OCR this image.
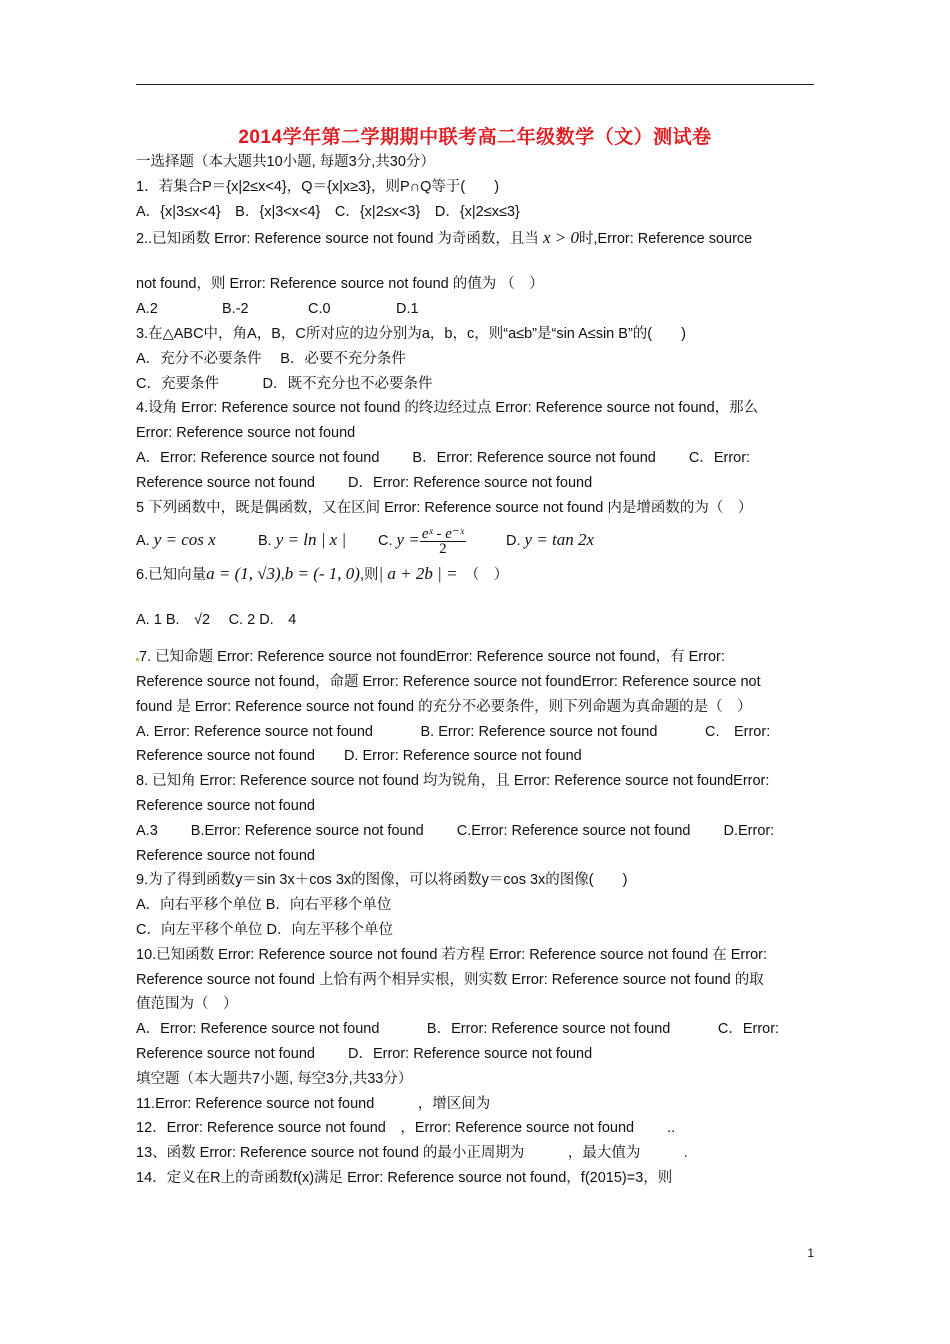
2014学年第二学期期中联考高二年级数学（文）测试卷
一选择题（本大题共10小题, 每题3分,共30分）
1．若集合P＝{x|2≤x<4}，Q＝{x|x≥3}，则P∩Q等于(　　)
A．{x|3≤x<4}　B．{x|3<x<4}　C．{x|2≤x<3}　D．{x|2≤x≤3}
2..已知函数 Error: Reference source not found 为奇函数，且当 x > 0时,Error: Reference source
not found，则 Error: Reference source not found 的值为 （　）
A.2	B.-2	C.0	D.1
3.在△ABC中，角A，B，C所对应的边分别为a，b，c，则“a≤b”是“sin A≤sin B”的(　　)
A．充分不必要条件　 B．必要不充分条件
C．充要条件　　　D．既不充分也不必要条件
4.设角 Error: Reference source not found 的终边经过点 Error: Reference source not found，那么
Error: Reference source not found
A．Error: Reference source not found　　 B．Error: Reference source not found　　 C．Error:
Reference source not found　　 D．Error: Reference source not found
5 下列函数中，既是偶函数，又在区间 Error: Reference source not found 内是增函数的为（　）
A. y = cos x	B. y = ln | x | C. $y = \frac{\text{eˣ - e⁻ˣ}}{2}$	D. y = tan 2x
6.已知向量a = (1, √3),b = (- 1, 0),则| a + 2b | =　（　）
A. 1 B.　√2　 C. 2 D.　4
7. 已知命题 Error: Reference source not foundError: Reference source not found，有 Error:
Reference source not found，命题 Error: Reference source not foundError: Reference source not
found 是 Error: Reference source not found 的充分不必要条件，则下列命题为真命题的是（　）
A. Error: Reference source not found　　　 B. Error: Reference source not found　　　 C.　Error:
Reference source not found　　D. Error: Reference source not found
8. 已知角 Error: Reference source not found 均为锐角，且 Error: Reference source not foundError:
Reference source not found
A.3　　 B.Error: Reference source not found　　 C.Error: Reference source not found　　 D.Error:
Reference source not found
9.为了得到函数y＝sin 3x＋cos 3x的图像，可以将函数y＝cos 3x的图像(　　)
A．向右平移个单位 B．向右平移个单位
C．向左平移个单位 D．向左平移个单位
10.已知函数 Error: Reference source not found 若方程 Error: Reference source not found 在 Error:
Reference source not found 上恰有两个相异实根，则实数 Error: Reference source not found 的取
值范围为（　）
A．Error: Reference source not found　　　 B．Error: Reference source not found　　　 C．Error:
Reference source not found　　 D．Error: Reference source not found
填空题（本大题共7小题, 每空3分,共33分）
11.Error: Reference source not found　　　，增区间为
12．Error: Reference source not found　，Error: Reference source not found　　 ..
13、函数 Error: Reference source not found 的最小正周期为　　　，最大值为　　　.
14．定义在R上的奇函数f(x)满足 Error: Reference source not found，f(2015)=3，则
1
